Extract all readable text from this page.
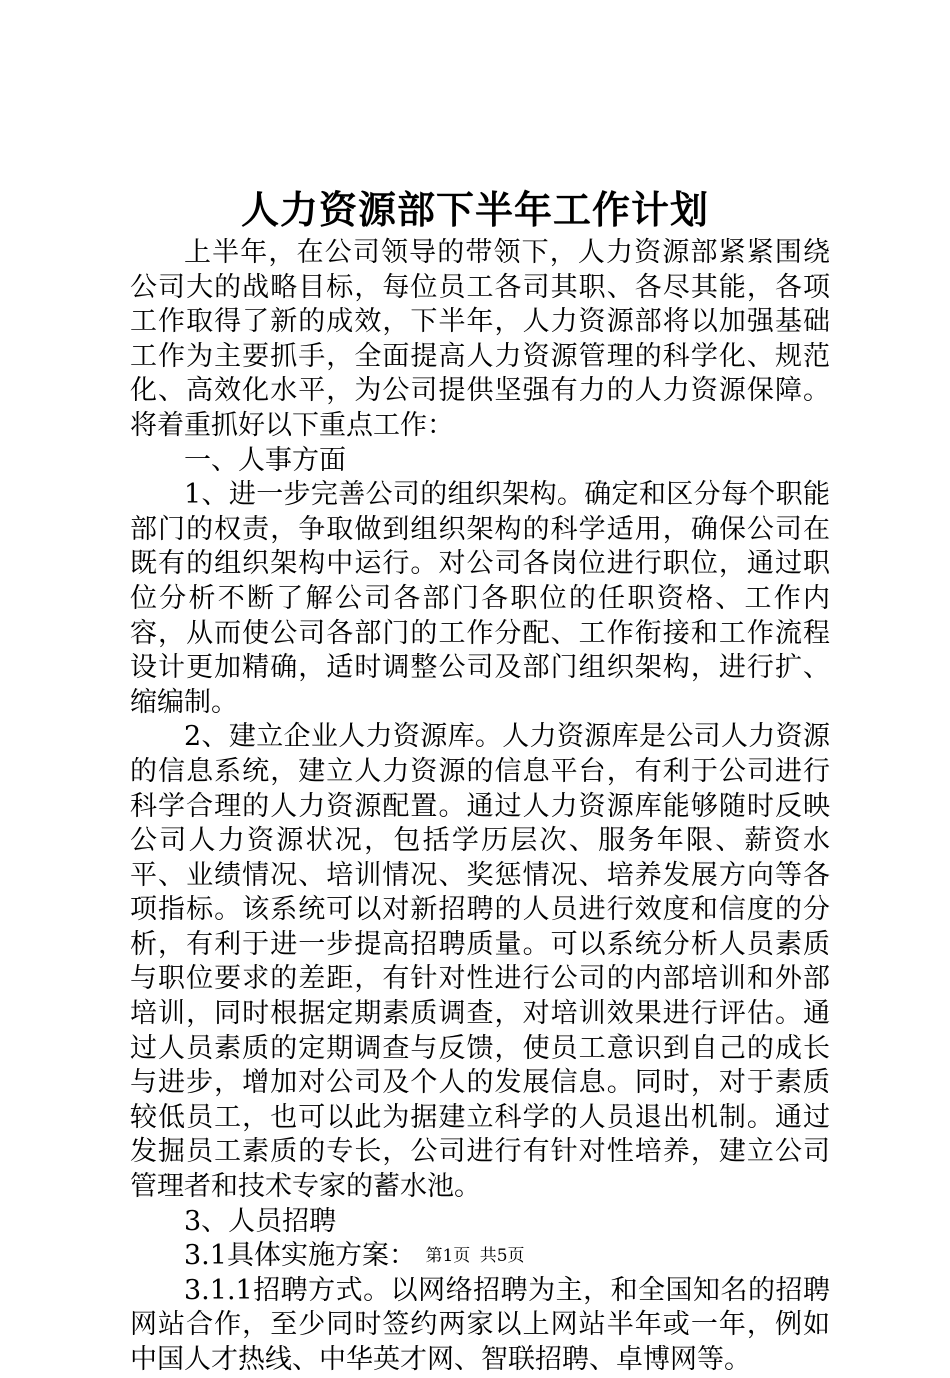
人力资源部下半年工作计划

上半年，在公司领导的带领下，人力资源部紧紧围绕公司大的战略目标，每位员工各司其职、各尽其能，各项工作取得了新的成效，下半年，人力资源部将以加强基础工作为主要抓手，全面提高人力资源管理的科学化、规范化、高效化水平，为公司提供坚强有力的人力资源保障。将着重抓好以下重点工作：

一、人事方面

1、进一步完善公司的组织架构。确定和区分每个职能部门的权责，争取做到组织架构的科学适用，确保公司在既有的组织架构中运行。对公司各岗位进行职位，通过职位分析不断了解公司各部门各职位的任职资格、工作内容，从而使公司各部门的工作分配、工作衔接和工作流程设计更加精确，适时调整公司及部门组织架构，进行扩、缩编制。

2、建立企业人力资源库。人力资源库是公司人力资源的信息系统，建立人力资源的信息平台，有利于公司进行科学合理的人力资源配置。通过人力资源库能够随时反映公司人力资源状况，包括学历层次、服务年限、薪资水平、业绩情况、培训情况、奖惩情况、培养发展方向等各项指标。该系统可以对新招聘的人员进行效度和信度的分析，有利于进一步提高招聘质量。可以系统分析人员素质与职位要求的差距，有针对性进行公司的内部培训和外部培训，同时根据定期素质调查，对培训效果进行评估。通过人员素质的定期调查与反馈，使员工意识到自己的成长与进步，增加对公司及个人的发展信息。同时，对于素质较低员工，也可以此为据建立科学的人员退出机制。通过发掘员工素质的专长，公司进行有针对性培养，建立公司管理者和技术专家的蓄水池。

3、人员招聘

3.1具体实施方案：

3.1.1招聘方式。以网络招聘为主，和全国知名的招聘网站合作，至少同时签约两家以上网站半年或一年，例如中国人才热线、中华英才网、智联招聘、卓博网等。

第1页 共5页
